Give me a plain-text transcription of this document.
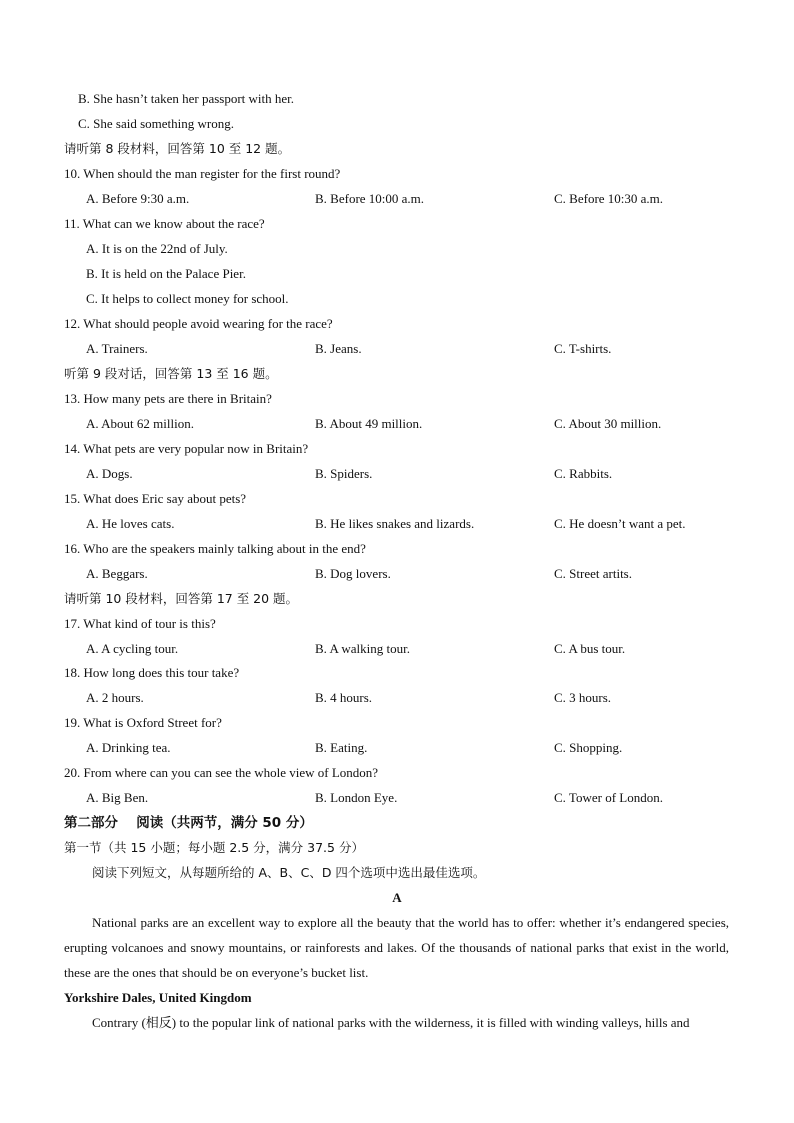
B. She hasn’t taken her passport with her.
C. She said something wrong.
请听第 8 段材料，回答第 10 至 12 题。
10. When should the man register for the first round?
A. Before 9:30 a.m.	B. Before 10:00 a.m.	C. Before 10:30 a.m.
11. What can we know about the race?
A. It is on the 22nd of July.
B. It is held on the Palace Pier.
C. It helps to collect money for school.
12. What should people avoid wearing for the race?
A. Trainers.	B. Jeans.	C. T-shirts.
听第 9 段对话，回答第 13 至 16 题。
13. How many pets are there in Britain?
A. About 62 million.	B. About 49 million.	C. About 30 million.
14. What pets are very popular now in Britain?
A. Dogs.	B. Spiders.	C. Rabbits.
15. What does Eric say about pets?
A. He loves cats.	B. He likes snakes and lizards.	C. He doesn’t want a pet.
16. Who are the speakers mainly talking about in the end?
A. Beggars.	B. Dog lovers.	C. Street artits.
请听第 10 段材料，回答第 17 至 20 题。
17. What kind of tour is this?
A. A cycling tour.	B. A walking tour.	C. A bus tour.
18. How long does this tour take?
A. 2 hours.	B. 4 hours.	C. 3 hours.
19. What is Oxford Street for?
A. Drinking tea.	B. Eating.	C. Shopping.
20. From where can you can see the whole view of London?
A. Big Ben.	B. London Eye.	C. Tower of London.
第二部分　 阅读（共两节，满分 50 分）
第一节（共 15 小题；每小题 2.5 分，满分 37.5 分）
阅读下列短文，从每题所给的 A、B、C、D 四个选项中选出最佳选项。
A
National parks are an excellent way to explore all the beauty that the world has to offer: whether it’s endangered species, erupting volcanoes and snowy mountains, or rainforests and lakes. Of the thousands of national parks that exist in the world, these are the ones that should be on everyone’s bucket list.
Yorkshire Dales, United Kingdom
Contrary (相反) to the popular link of national parks with the wilderness, it is filled with winding valleys, hills and
